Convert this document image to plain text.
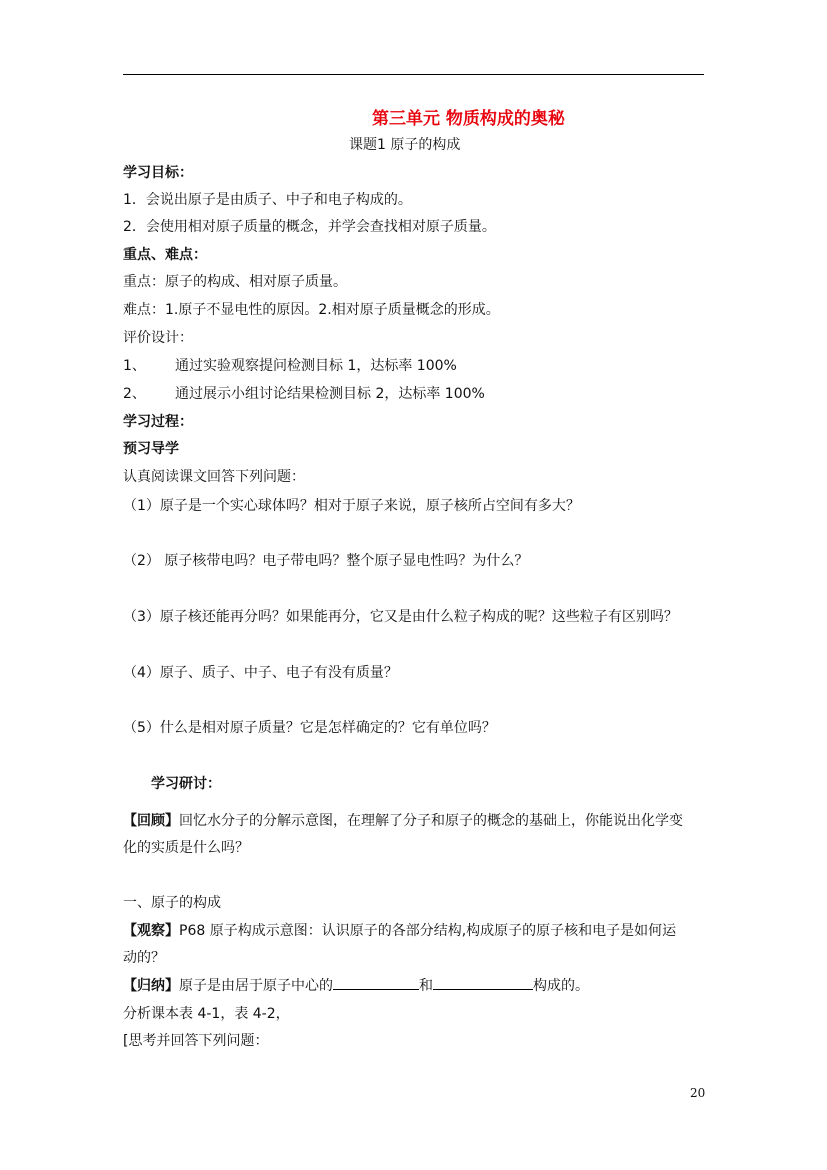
第三单元 物质构成的奥秘
课题1 原子的构成
学习目标：
1．会说出原子是由质子、中子和电子构成的。
2．会使用相对原子质量的概念，并学会查找相对原子质量。
重点、难点：
重点：原子的构成、相对原子质量。
难点：1.原子不显电性的原因。2.相对原子质量概念的形成。
评价设计：
1、 通过实验观察提问检测目标 1，达标率 100%
2、 通过展示小组讨论结果检测目标 2，达标率 100%
学习过程：
预习导学
认真阅读课文回答下列问题：
（1）原子是一个实心球体吗？相对于原子来说，原子核所占空间有多大？
（2） 原子核带电吗？电子带电吗？整个原子显电性吗？为什么？
（3）原子核还能再分吗？如果能再分，它又是由什么粒子构成的呢？这些粒子有区别吗？
（4）原子、质子、中子、电子有没有质量？
（5）什么是相对原子质量？它是怎样确定的？它有单位吗？
学习研讨：
【回顾】回忆水分子的分解示意图，在理解了分子和原子的概念的基础上，你能说出化学变
化的实质是什么吗？
一、原子的构成
【观察】P68 原子构成示意图：认识原子的各部分结构,构成原子的原子核和电子是如何运
动的？
【归纳】原子是由居于原子中心的	和	构成的。
分析课本表 4-1，表 4-2，
[思考并回答下列问题：
20
